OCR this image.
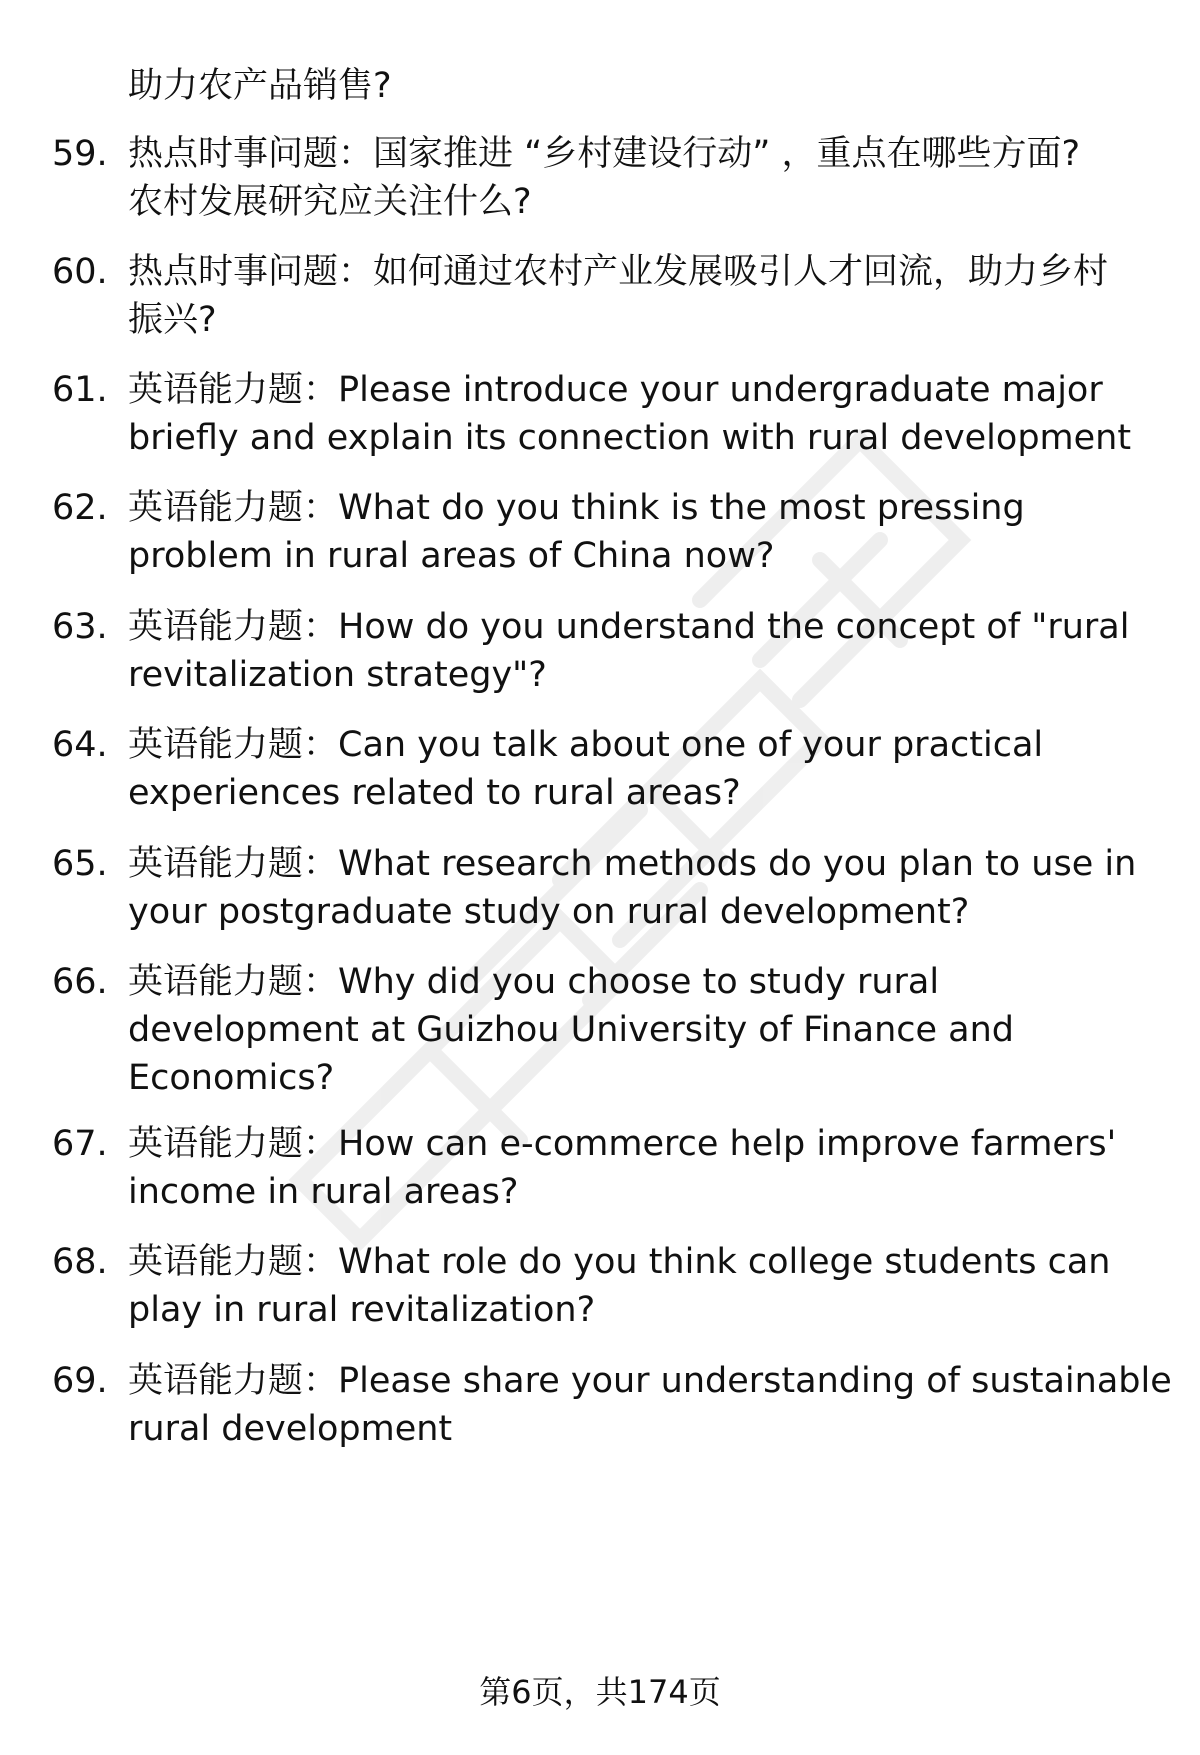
助力农产品销售?
59. 热点时事问题：国家推进 “乡村建设行动” ，重点在哪些方面?
农村发展研究应关注什么?
60. 热点时事问题：如何通过农村产业发展吸引人才回流，助力乡村
振兴?
61. 英语能力题：Please introduce your undergraduate major
briefly and explain its connection with rural development
62. 英语能力题：What do you think is the most pressing
problem in rural areas of China now?
63. 英语能力题：How do you understand the concept of "rural
revitalization strategy"?
64. 英语能力题：Can you talk about one of your practical
experiences related to rural areas?
65. 英语能力题：What research methods do you plan to use in
your postgraduate study on rural development?
66. 英语能力题：Why did you choose to study rural
development at Guizhou University of Finance and
Economics?
67. 英语能力题：How can e-commerce help improve farmers'
income in rural areas?
68. 英语能力题：What role do you think college students can
play in rural revitalization?
69. 英语能力题：Please share your understanding of sustainable
rural development
第6页，共174页
